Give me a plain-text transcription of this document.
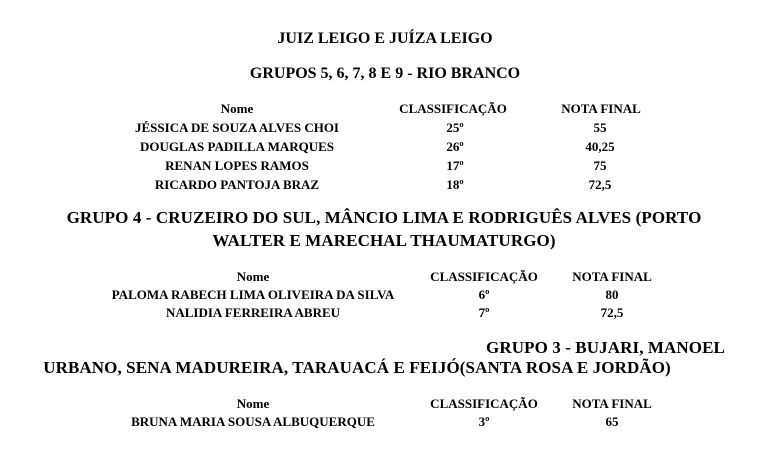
JUIZ LEIGO E JUÍZA LEIGO
GRUPOS 5, 6, 7, 8 E 9 - RIO BRANCO
Nome	CLASSIFICAÇÃO	NOTA FINAL
JÉSSICA DE SOUZA ALVES CHOI	25º	55
DOUGLAS PADILLA MARQUES	26º	40,25
RENAN LOPES RAMOS	17º	75
RICARDO PANTOJA BRAZ	18º	72,5
GRUPO 4 - CRUZEIRO DO SUL, MÂNCIO LIMA E RODRIGUÊS ALVES (PORTO
WALTER E MARECHAL THAUMATURGO)
Nome	CLASSIFICAÇÃO	NOTA FINAL
PALOMA RABECH LIMA OLIVEIRA DA SILVA	6º	80
NALIDIA FERREIRA ABREU	7º	72,5
GRUPO 3 - BUJARI, MANOEL
URBANO, SENA MADUREIRA, TARAUACÁ E FEIJÓ(SANTA ROSA E JORDÃO)
Nome	CLASSIFICAÇÃO	NOTA FINAL
BRUNA MARIA SOUSA ALBUQUERQUE	3º	65
